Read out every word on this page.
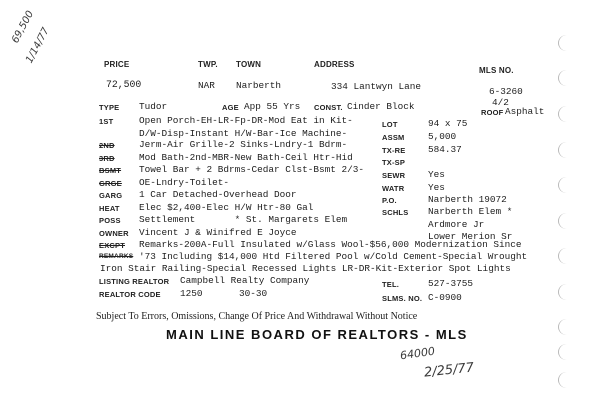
69,500
1/14/77	PRICE	TWP. TOWN	ADDRESS
MLS NO.
72,500	NAR Narberth	334 Lantwyn Lane	6-3260
4/2
TYPE Tudor	AGE App 55 Yrs CONST. Cinder Block
ROOF Asphalt
1ST	Open Porch-EH-LR-Fp-DR-Mod Eat in Kit-
D/W-Disp-Instant H/W-Bar-Ice Machine-
2ND	Jerm-Air Grille-2 Sinks-Lndry-1 Bdrm-
3RD	Mod Bath-2nd-MBR-New Bath-Ceil Htr-Hid
BSMT Towel Bar + 2 Bdrms-Cedar Clst-Bsmt 2/3-
GRGE OE-Lndry-Toilet-
GARG 1 Car Detached-Overhead Door
HEAT Elec $2,400-Elec H/W Htr-80 Gal
POSS Settlement       * St. Margarets Elem
OWNER Vincent J & Winifred E Joyce
EXCPT Remarks-200A-Full Insulated w/Glass Wool-$56,000 Modernization Since
REMARKS '73 Including $14,000 Htd Filtered Pool w/Cold Cement-Special Wrought
Iron Stair Railing-Special Recessed Lights LR-DR-Kit-Exterior Spot Lights
LOT	94 x 75
ASSM	5,000
TX-RE 584.37
TX-SP
SEWR Yes
WATR	Yes
P.O.	Narberth 19072
SCHLS Narberth Elem *
Ardmore Jr
Lower Merion Sr
LISTING REALTOR Campbell Realty Company	TEL.	527-3755
REALTOR CODE 1250	30-30	SLMS. NO. C-0900
Subject To Errors, Omissions, Change Of Price And Withdrawal Without Notice
MAIN LINE BOARD OF REALTORS - MLS
64000
2/25/77
